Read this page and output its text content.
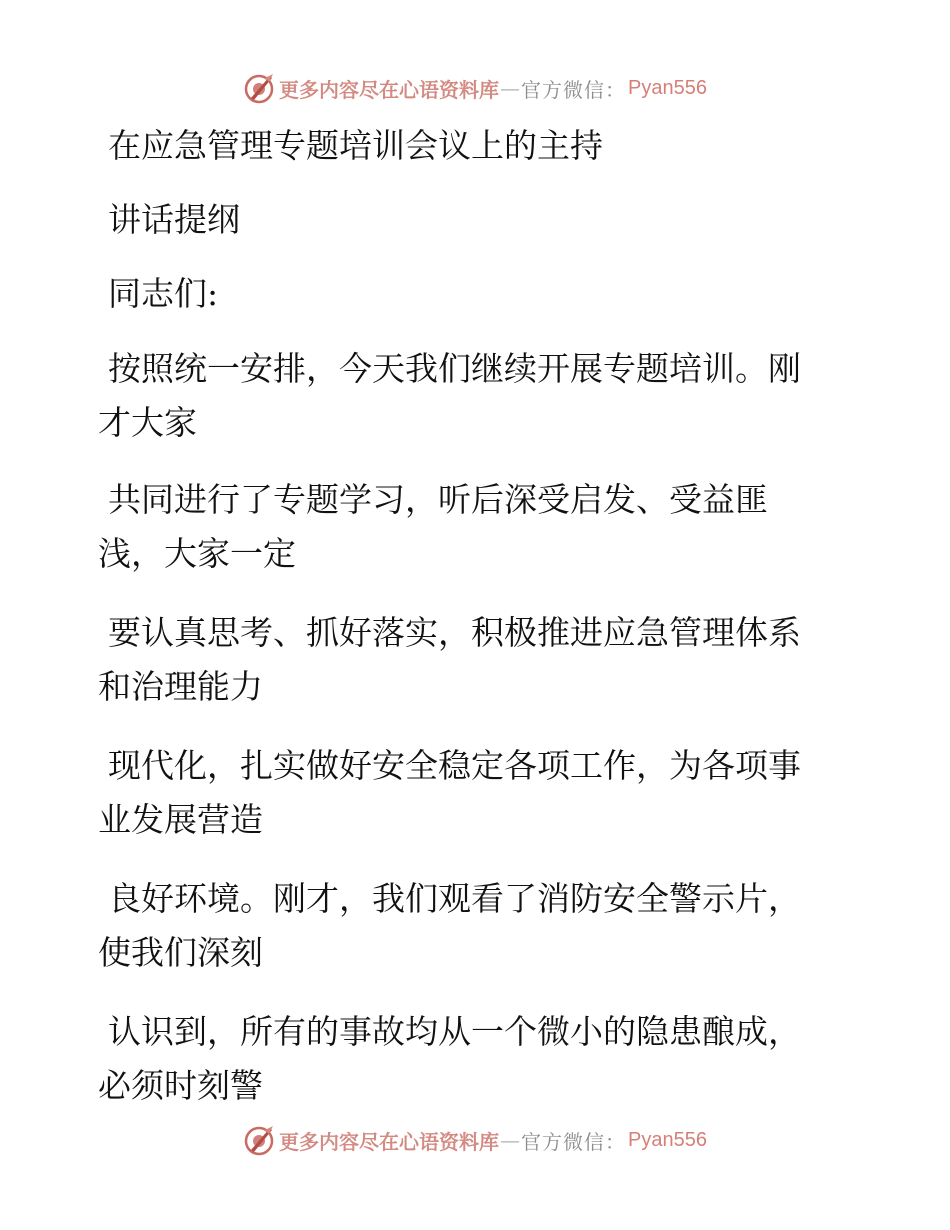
更多内容尽在心语资料库 — 官方微信： Pyan556
在应急管理专题培训会议上的主持
讲话提纲
同志们:
按照统一安排，今天我们继续开展专题培训。刚
才大家
共同进行了专题学习，听后深受启发、受益匪
浅，大家一定
要认真思考、抓好落实，积极推进应急管理体系
和治理能力
现代化，扎实做好安全稳定各项工作，为各项事
业发展营造
良好环境。刚才，我们观看了消防安全警示片，
使我们深刻
认识到，所有的事故均从一个微小的隐患酿成，
必须时刻警
更多内容尽在心语资料库 — 官方微信： Pyan556
